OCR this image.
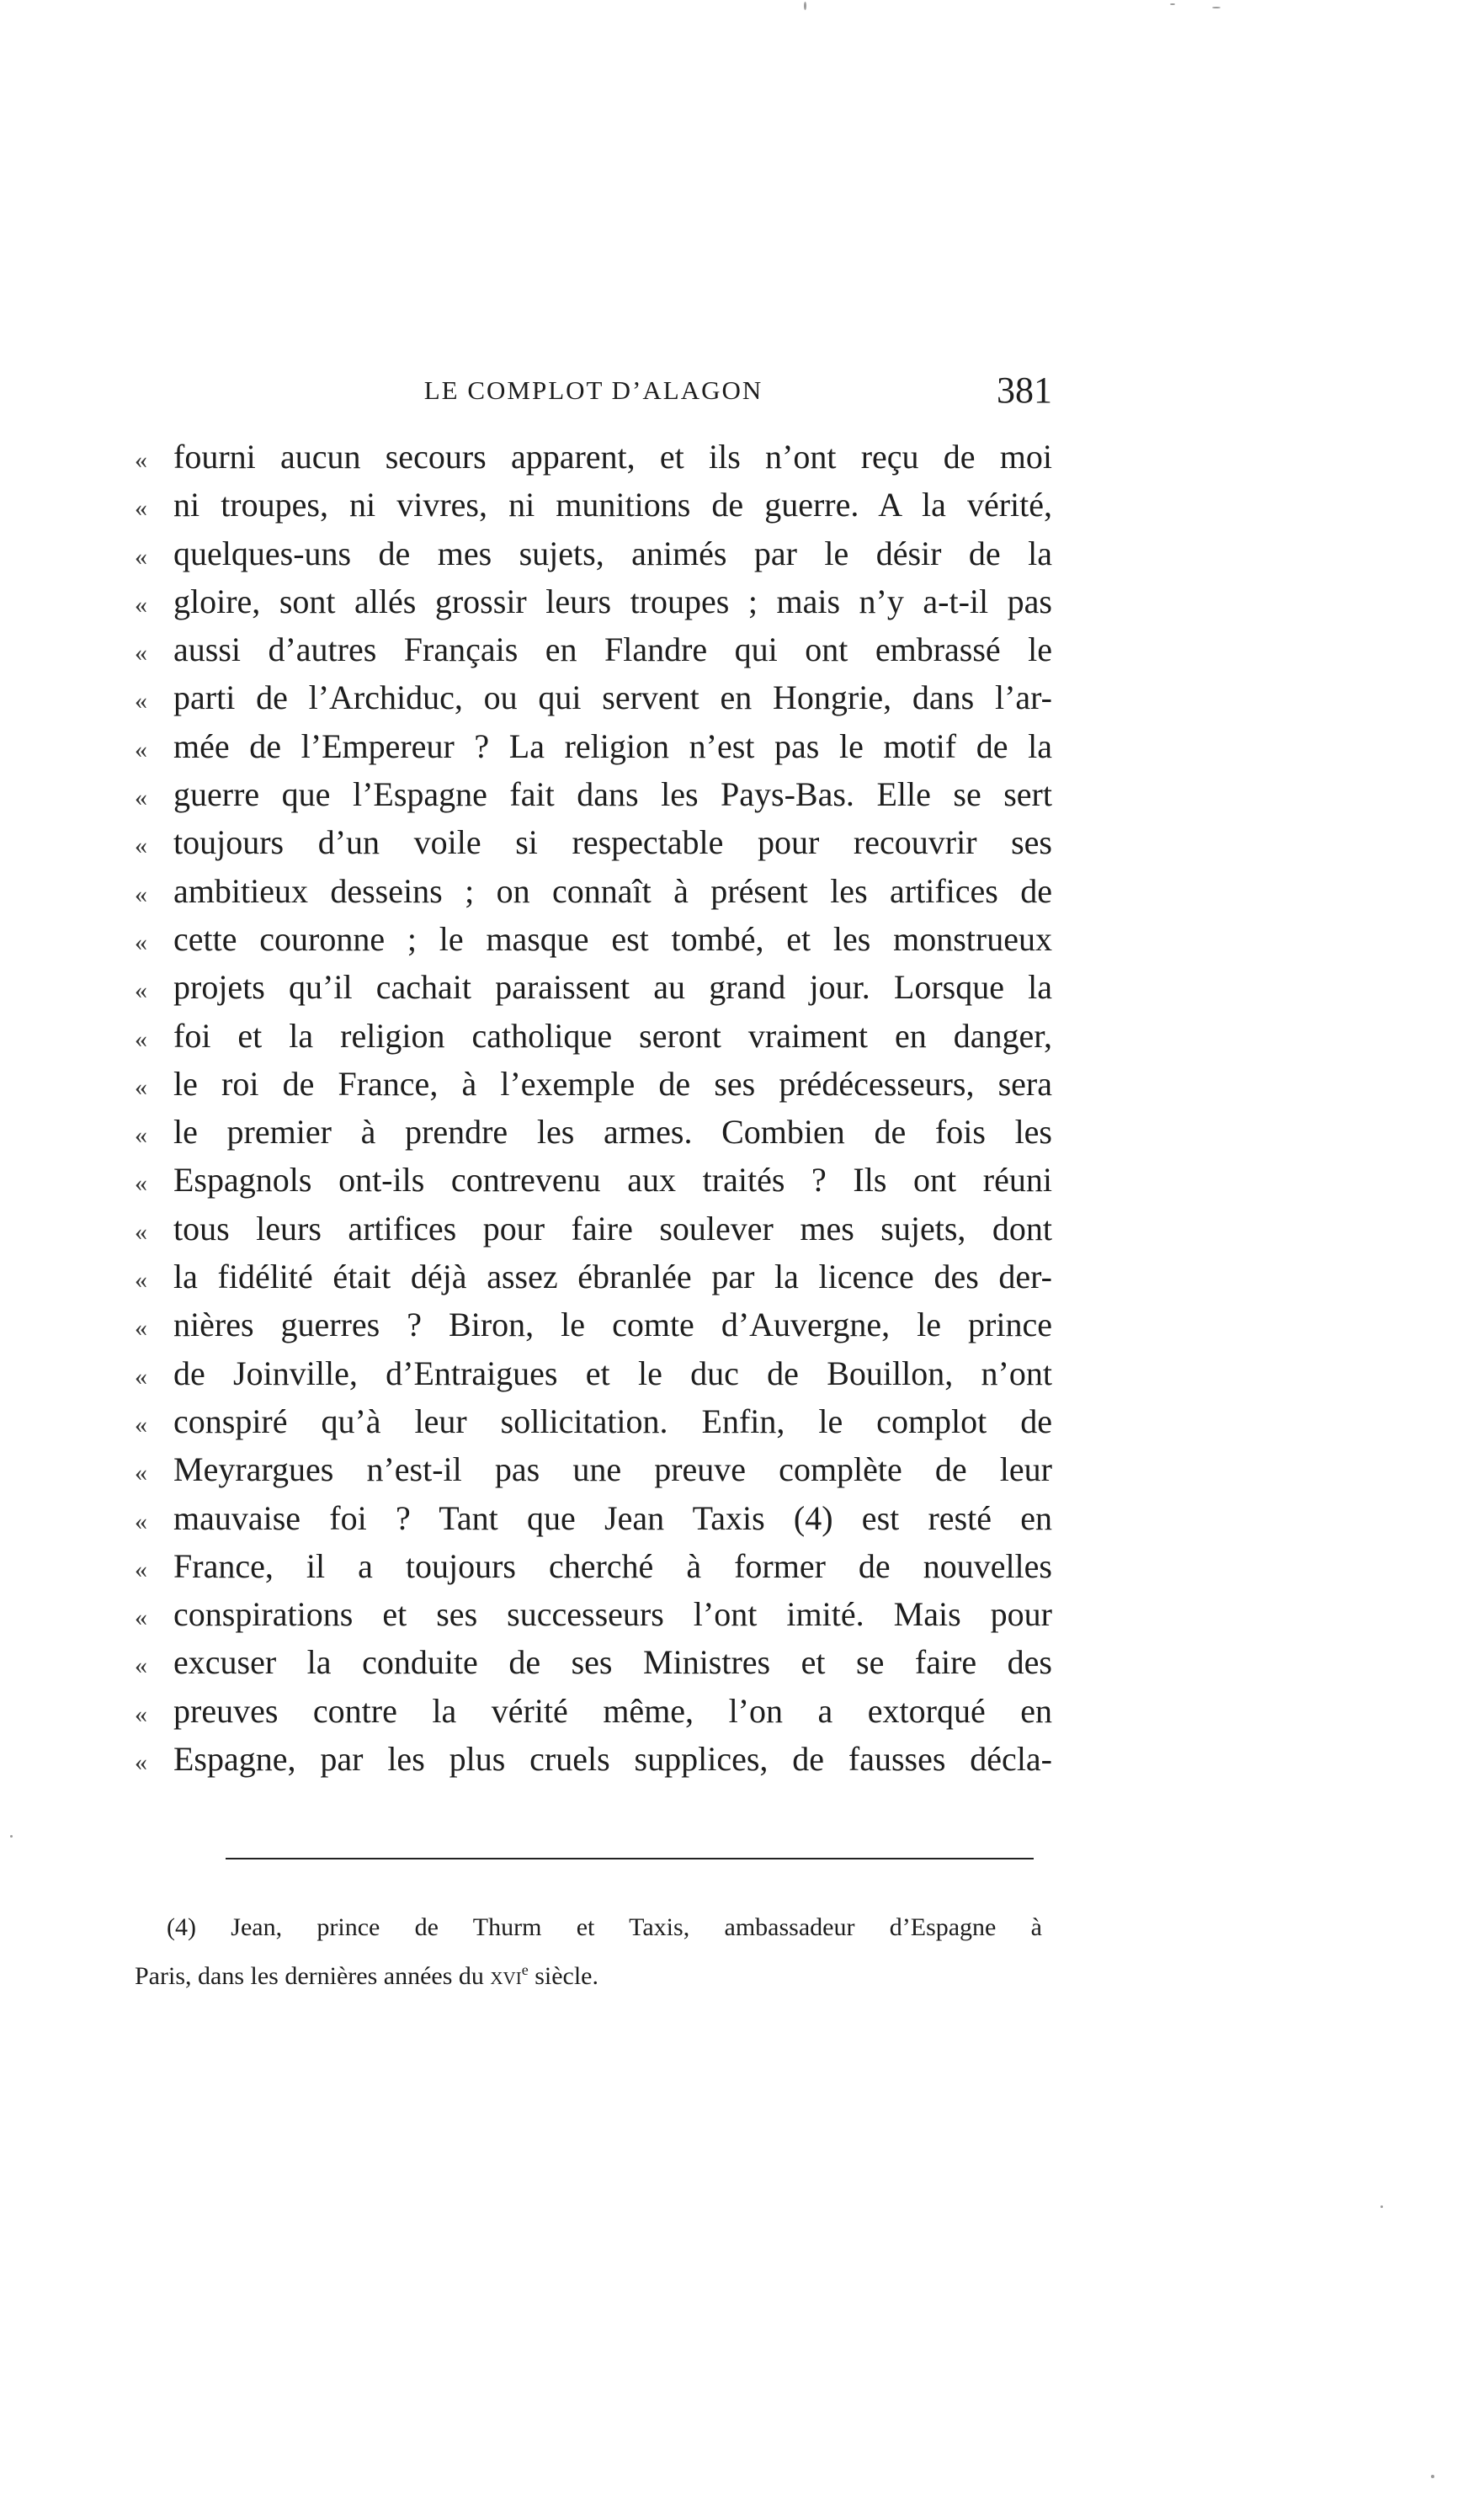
LE COMPLOT D’ALAGON	381
« fourni aucun secours apparent, et ils n’ont reçu de moi
« ni troupes, ni vivres, ni munitions de guerre. A la vérité,
« quelques-uns de mes sujets, animés par le désir de la
« gloire, sont allés grossir leurs troupes ; mais n’y a-t-il pas
« aussi d’autres Français en Flandre qui ont embrassé le
« parti de l’Archiduc, ou qui servent en Hongrie, dans l’ar-
« mée de l’Empereur ? La religion n’est pas le motif de la
« guerre que l’Espagne fait dans les Pays-Bas. Elle se sert
« toujours d’un voile si respectable pour recouvrir ses
« ambitieux desseins ; on connaît à présent les artifices de
« cette couronne ; le masque est tombé, et les monstrueux
« projets qu’il cachait paraissent au grand jour. Lorsque la
« foi et la religion catholique seront vraiment en danger,
« le roi de France, à l’exemple de ses prédécesseurs, sera
« le premier à prendre les armes. Combien de fois les
« Espagnols ont-ils contrevenu aux traités ? Ils ont réuni
« tous leurs artifices pour faire soulever mes sujets, dont
« la fidélité était déjà assez ébranlée par la licence des der-
« nières guerres ? Biron, le comte d’Auvergne, le prince
« de Joinville, d’Entraigues et le duc de Bouillon, n’ont
« conspiré qu’à leur sollicitation. Enfin, le complot de
« Meyrargues n’est-il pas une preuve complète de leur
« mauvaise foi ? Tant que Jean Taxis (4) est resté en
« France, il a toujours cherché à former de nouvelles
« conspirations et ses successeurs l’ont imité. Mais pour
« excuser la conduite de ses Ministres et se faire des
« preuves contre la vérité même, l’on a extorqué en
« Espagne, par les plus cruels supplices, de fausses décla-
(4) Jean, prince de Thurm et Taxis, ambassadeur d’Espagne à
Paris, dans les dernières années du xvi$^e$ siècle.
